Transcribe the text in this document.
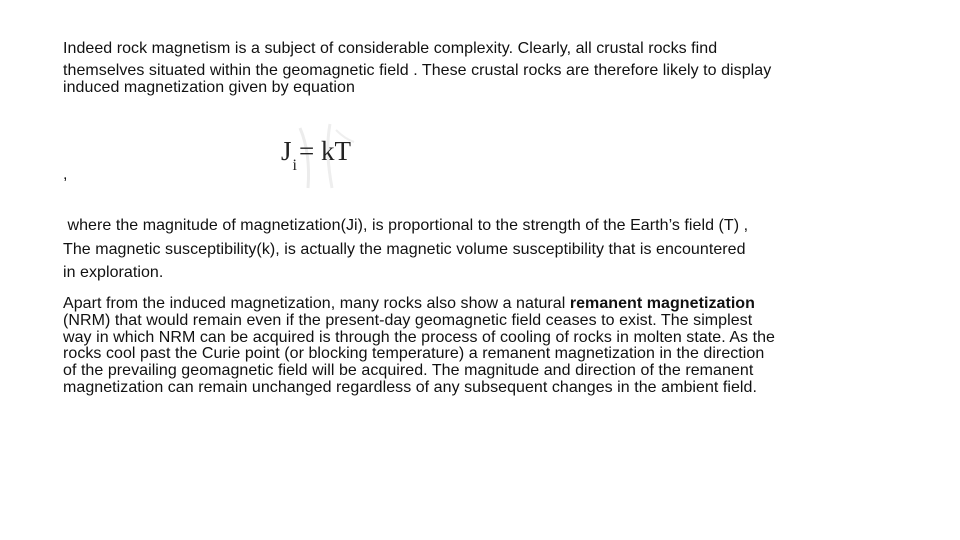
Indeed rock magnetism is a subject of considerable complexity. Clearly, all crustal rocks find
themselves situated within the geomagnetic field . These crustal rocks are therefore likely to display
induced magnetization given by equation
$J_i=$ kT
,
where the magnitude of magnetization(Ji), is proportional to the strength of the Earth’s field (T) ,
The magnetic susceptibility(k), is actually the magnetic volume susceptibility that is encountered
in exploration.
Apart from the induced magnetization, many rocks also show a natural remanent magnetization
(NRM) that would remain even if the present-day geomagnetic field ceases to exist. The simplest
way in which NRM can be acquired is through the process of cooling of rocks in molten state. As the
rocks cool past the Curie point (or blocking temperature) a remanent magnetization in the direction
of the prevailing geomagnetic field will be acquired. The magnitude and direction of the remanent
magnetization can remain unchanged regardless of any subsequent changes in the ambient field.
